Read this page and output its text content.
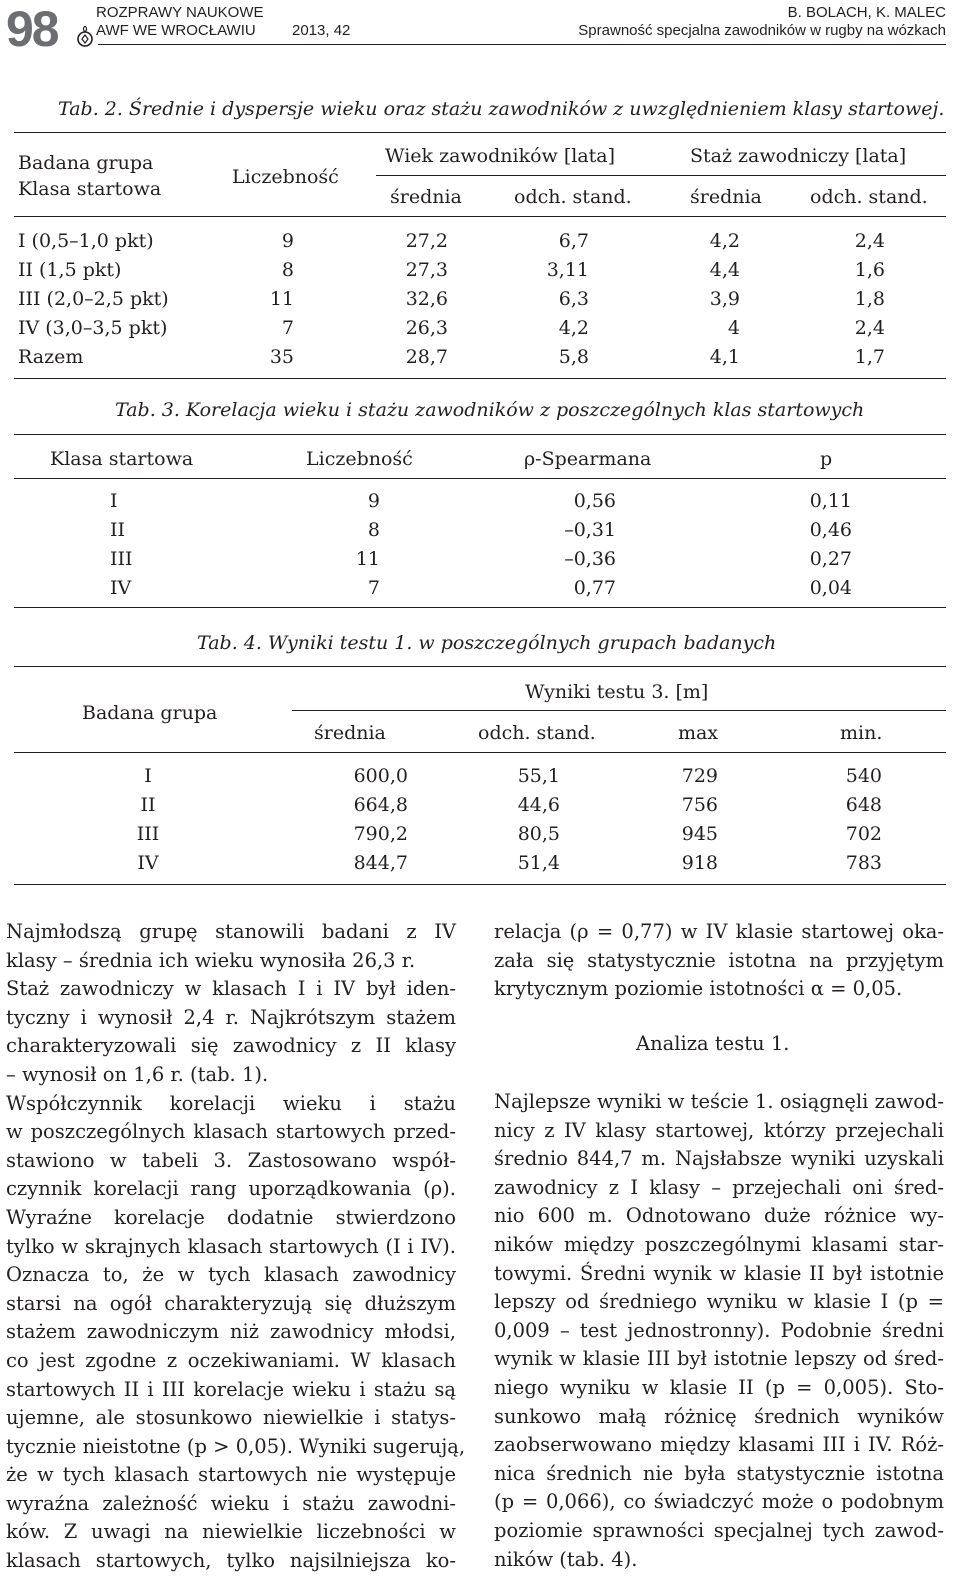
98	ROZPRAWY NAUKOWE
AWF WE WROCŁAWIU	2013, 42
B. BOLACH, K. MALEC
Sprawność specjalna zawodników w rugby na wózkach
Tab. 2. Średnie i dyspersje wieku oraz stażu zawodników z uwzględnieniem klasy startowej.
Badana grupa
Klasa startowa
Liczebność
Wiek zawodników [lata]	Staż zawodniczy [lata]
średnia	odch. stand.	średnia	odch. stand.
I (0,5–1,0 pkt)	9	27,2	6,7	4,2	2,4
II (1,5 pkt)	8	27,3	3,11	4,4	1,6
III (2,0–2,5 pkt)	11	32,6	6,3	3,9	1,8
IV (3,0–3,5 pkt)	7	26,3	4,2	4	2,4
Razem	35	28,7	5,8	4,1	1,7
Tab. 3. Korelacja wieku i stażu zawodników z poszczególnych klas startowych
Klasa startowa	Liczebność	ρ-Spearmana	p
I	9	0,56	0,11
II	8	–0,31	0,46
III	11	–0,36	0,27
IV	7	0,77	0,04
Tab. 4. Wyniki testu 1. w poszczególnych grupach badanych
Badana grupa
Wyniki testu 3. [m]
średnia	odch. stand.	max	min.
I	600,0	55,1	729	540
II	664,8	44,6	756	648
III	790,2	80,5	945	702
IV	844,7	51,4	918	783
Najmłodszą grupę stanowili badani z IV
klasy – średnia ich wieku wynosiła 26,3 r.
Staż zawodniczy w klasach I i IV był iden-
tyczny i wynosił 2,4 r. Najkrótszym stażem
charakteryzowali się zawodnicy z II klasy
– wynosił on 1,6 r. (tab. 1).
Współczynnik korelacji wieku i stażu
w poszczególnych klasach startowych przed-
stawiono w tabeli 3. Zastosowano współ-
czynnik korelacji rang uporządkowania (ρ).
Wyraźne korelacje dodatnie stwierdzono
tylko w skrajnych klasach startowych (I i IV).
Oznacza to, że w tych klasach zawodnicy
starsi na ogół charakteryzują się dłuższym
stażem zawodniczym niż zawodnicy młodsi,
co jest zgodne z oczekiwaniami. W klasach
startowych II i III korelacje wieku i stażu są
ujemne, ale stosunkowo niewielkie i statys-
tycznie nieistotne (p > 0,05). Wyniki sugerują,
że w tych klasach startowych nie występuje
wyraźna zależność wieku i stażu zawodni-
ków. Z uwagi na niewielkie liczebności w
klasach startowych, tylko najsilniejsza ko-
relacja (ρ = 0,77) w IV klasie startowej oka-
zała się statystycznie istotna na przyjętym
krytycznym poziomie istotności α = 0,05.
Analiza testu 1.
Najlepsze wyniki w teście 1. osiągnęli zawod-
nicy z IV klasy startowej, którzy przejechali
średnio 844,7 m. Najsłabsze wyniki uzyskali
zawodnicy z I klasy – przejechali oni śred-
nio 600 m. Odnotowano duże różnice wy-
ników między poszczególnymi klasami star-
towymi. Średni wynik w klasie II był istotnie
lepszy od średniego wyniku w klasie I (p =
0,009 – test jednostronny). Podobnie średni
wynik w klasie III był istotnie lepszy od śred-
niego wyniku w klasie II (p = 0,005). Sto-
sunkowo małą różnicę średnich wyników
zaobserwowano między klasami III i IV. Róż-
nica średnich nie była statystycznie istotna
(p = 0,066), co świadczyć może o podobnym
poziomie sprawności specjalnej tych zawod-
ników (tab. 4).
